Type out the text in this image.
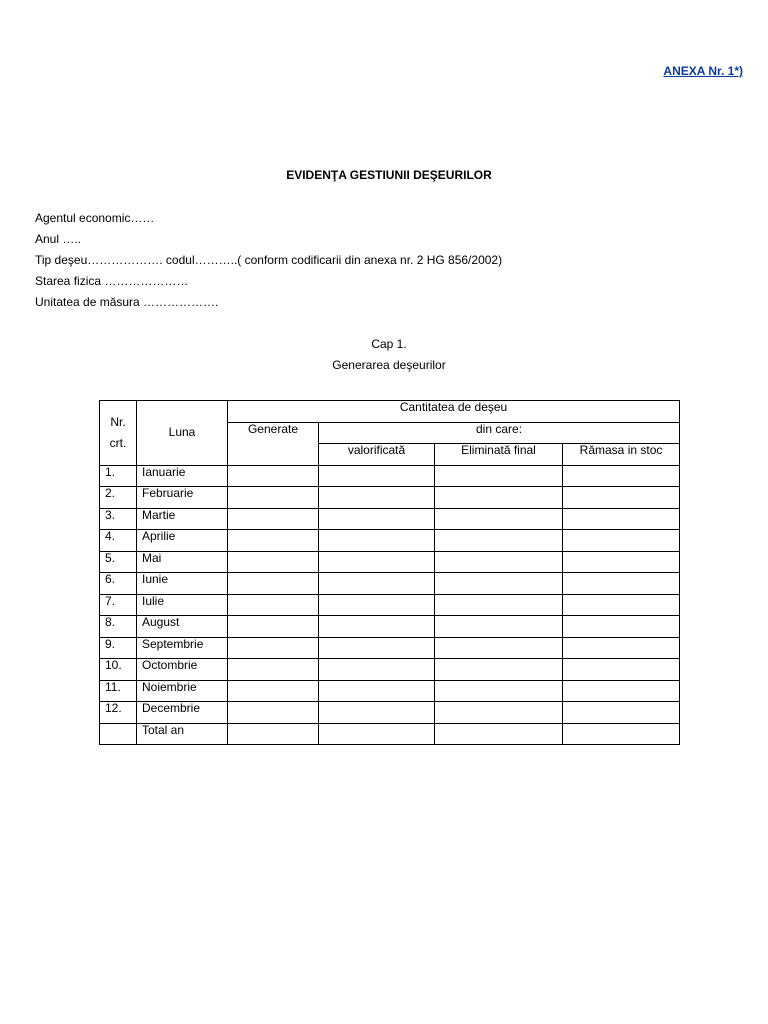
ANEXA Nr. 1*)
EVIDENŢA GESTIUNII DEŞEURILOR
Agentul economic……
Anul …..
Tip deşeu………………. codul………..( conform codificarii din anexa nr. 2 HG 856/2002)
Starea fizica …………………
Unitatea de măsura ……………….
Cap 1.
Generarea deşeurilor
Nr.
crt.	Luna	Cantitatea de deşeu			
		Generate	din care:		
			valorificată	Eliminată final	Rămasa in stoc
1.	Ianuarie				
2.	Februarie				
3.	Martie				
4.	Aprilie				
5.	Mai				
6.	Iunie				
7.	Iulie				
8.	August				
9.	Septembrie				
10.	Octombrie				
11.	Noiembrie				
12.	Decembrie				
	Total an				
